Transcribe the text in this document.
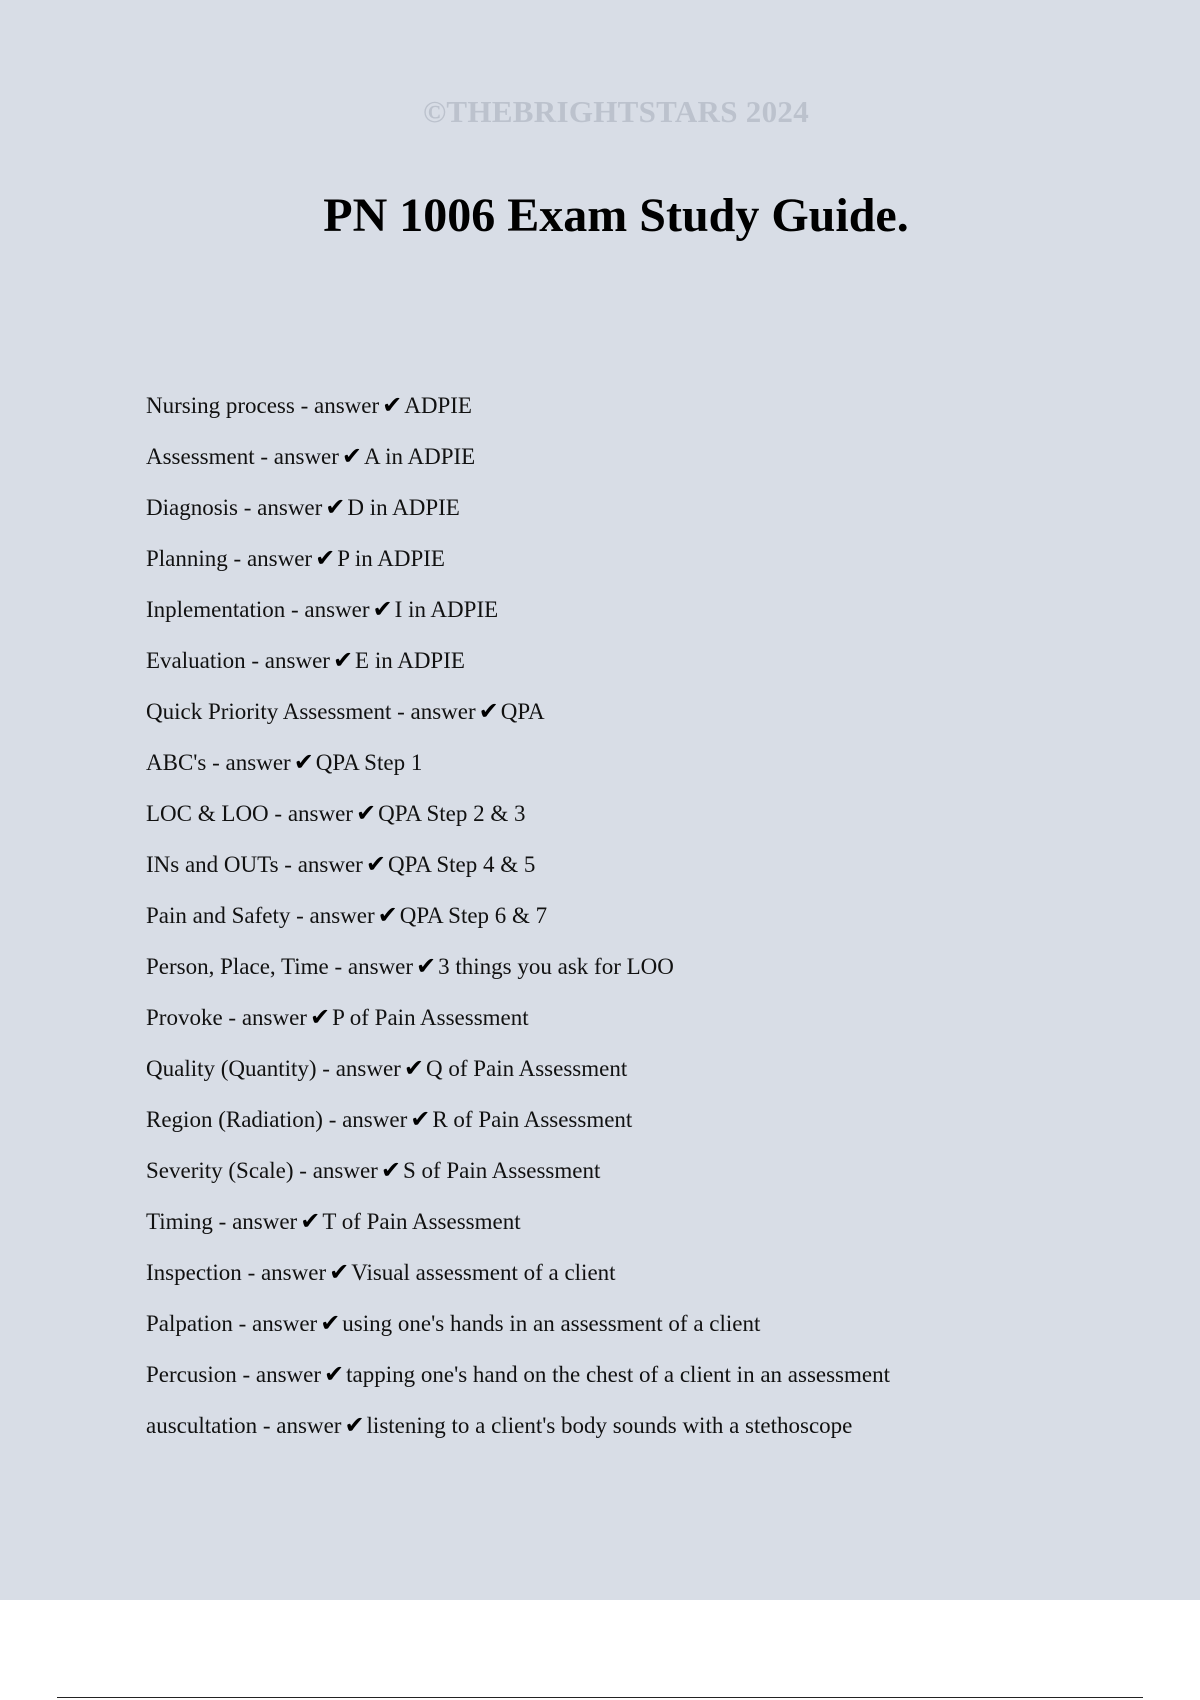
©THEBRIGHTSTARS 2024
PN 1006 Exam Study Guide.
Nursing process - answer ✔ADPIE
Assessment - answer ✔A in ADPIE
Diagnosis - answer ✔D in ADPIE
Planning - answer ✔P in ADPIE
Inplementation - answer ✔I in ADPIE
Evaluation - answer ✔E in ADPIE
Quick Priority Assessment - answer ✔QPA
ABC's - answer ✔QPA Step 1
LOC & LOO - answer ✔QPA Step 2 & 3
INs and OUTs - answer ✔QPA Step 4 & 5
Pain and Safety - answer ✔QPA Step 6 & 7
Person, Place, Time - answer ✔3 things you ask for LOO
Provoke - answer ✔P of Pain Assessment
Quality (Quantity) - answer ✔Q of Pain Assessment
Region (Radiation) - answer ✔R of Pain Assessment
Severity (Scale) - answer ✔S of Pain Assessment
Timing - answer ✔T of Pain Assessment
Inspection - answer ✔Visual assessment of a client
Palpation - answer ✔using one's hands in an assessment of a client
Percusion - answer ✔tapping one's hand on the chest of a client in an assessment
auscultation - answer ✔listening to a client's body sounds with a stethoscope
